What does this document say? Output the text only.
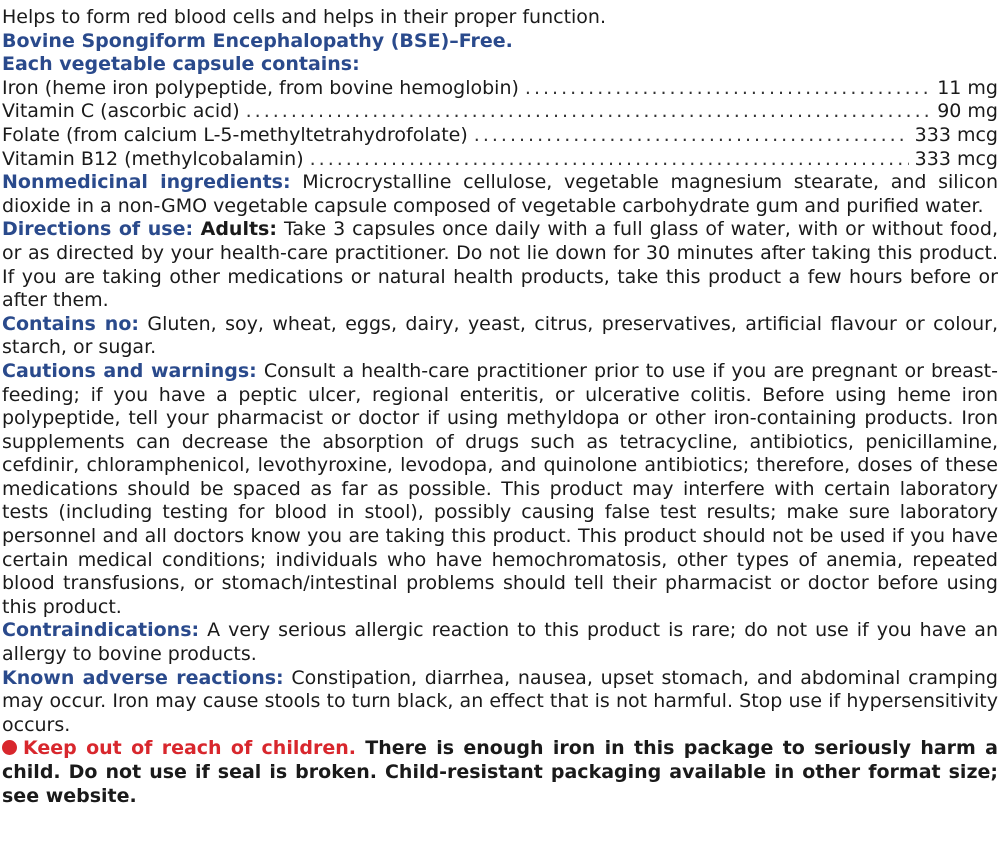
Helps to form red blood cells and helps in their proper function.
Bovine Spongiform Encephalopathy (BSE)–Free.
Each vegetable capsule contains:
Iron (heme iron polypeptide, from bovine hemoglobin) .....	11 mg
Vitamin C (ascorbic acid) .....	90 mg
Folate (from calcium L-5-methyltetrahydrofolate) .....	333 mcg
Vitamin B12 (methylcobalamin) .....	333 mcg

Nonmedicinal ingredients: Microcrystalline cellulose, vegetable magnesium stearate, and silicon dioxide in a non-GMO vegetable capsule composed of vegetable carbohydrate gum and purified water.

Directions of use: Adults: Take 3 capsules once daily with a full glass of water, with or without food, or as directed by your health-care practitioner. Do not lie down for 30 minutes after taking this product. If you are taking other medications or natural health products, take this product a few hours before or after them.

Contains no: Gluten, soy, wheat, eggs, dairy, yeast, citrus, preservatives, artificial flavour or colour, starch, or sugar.

Cautions and warnings: Consult a health-care practitioner prior to use if you are pregnant or breast-feeding; if you have a peptic ulcer, regional enteritis, or ulcerative colitis. Before using heme iron polypeptide, tell your pharmacist or doctor if using methyldopa or other iron-containing products. Iron supplements can decrease the absorption of drugs such as tetracycline, antibiotics, penicillamine, cefdinir, chloramphenicol, levothyroxine, levodopa, and quinolone antibiotics; therefore, doses of these medications should be spaced as far as possible. This product may interfere with certain laboratory tests (including testing for blood in stool), possibly causing false test results; make sure laboratory personnel and all doctors know you are taking this product. This product should not be used if you have certain medical conditions; individuals who have hemochromatosis, other types of anemia, repeated blood transfusions, or stomach/intestinal problems should tell their pharmacist or doctor before using this product.

Contraindications: A very serious allergic reaction to this product is rare; do not use if you have an allergy to bovine products.

Known adverse reactions: Constipation, diarrhea, nausea, upset stomach, and abdominal cramping may occur. Iron may cause stools to turn black, an effect that is not harmful. Stop use if hypersensitivity occurs.

Keep out of reach of children. There is enough iron in this package to seriously harm a child. Do not use if seal is broken. Child-resistant packaging available in other format size; see website.
